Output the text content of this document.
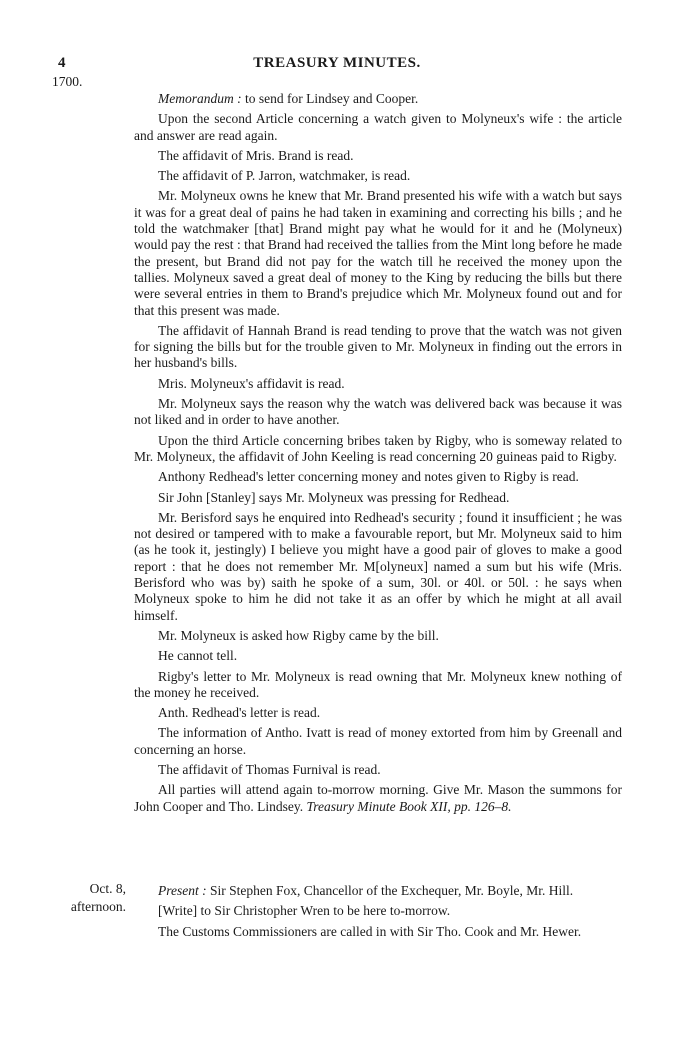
4	TREASURY MINUTES.
1700.

Memorandum : to send for Lindsey and Cooper.

Upon the second Article concerning a watch given to Molyneux's wife : the article and answer are read again.

The affidavit of Mris. Brand is read.

The affidavit of P. Jarron, watchmaker, is read.

Mr. Molyneux owns he knew that Mr. Brand presented his wife with a watch but says it was for a great deal of pains he had taken in examining and correcting his bills ; and he told the watchmaker [that] Brand might pay what he would for it and he (Molyneux) would pay the rest : that Brand had received the tallies from the Mint long before he made the present, but Brand did not pay for the watch till he received the money upon the tallies. Molyneux saved a great deal of money to the King by reducing the bills but there were several entries in them to Brand's prejudice which Mr. Molyneux found out and for that this present was made.

The affidavit of Hannah Brand is read tending to prove that the watch was not given for signing the bills but for the trouble given to Mr. Molyneux in finding out the errors in her husband's bills.

Mris. Molyneux's affidavit is read.

Mr. Molyneux says the reason why the watch was delivered back was because it was not liked and in order to have another.

Upon the third Article concerning bribes taken by Rigby, who is someway related to Mr. Molyneux, the affidavit of John Keeling is read concerning 20 guineas paid to Rigby.

Anthony Redhead's letter concerning money and notes given to Rigby is read.

Sir John [Stanley] says Mr. Molyneux was pressing for Redhead.

Mr. Berisford says he enquired into Redhead's security ; found it insufficient ; he was not desired or tampered with to make a favourable report, but Mr. Molyneux said to him (as he took it, jestingly) I believe you might have a good pair of gloves to make a good report : that he does not remember Mr. M[olyneux] named a sum but his wife (Mris. Berisford who was by) saith he spoke of a sum, 30l. or 40l. or 50l. : he says when Molyneux spoke to him he did not take it as an offer by which he might at all avail himself.

Mr. Molyneux is asked how Rigby came by the bill.

He cannot tell.

Rigby's letter to Mr. Molyneux is read owning that Mr. Molyneux knew nothing of the money he received.

Anth. Redhead's letter is read.

The information of Antho. Ivatt is read of money extorted from him by Greenall and concerning an horse.

The affidavit of Thomas Furnival is read.

All parties will attend again to-morrow morning. Give Mr. Mason the summons for John Cooper and Tho. Lindsey. Treasury Minute Book XII, pp. 126–8.

Oct. 8,
afternoon.

Present : Sir Stephen Fox, Chancellor of the Exchequer, Mr. Boyle, Mr. Hill.

[Write] to Sir Christopher Wren to be here to-morrow.

The Customs Commissioners are called in with Sir Tho. Cook and Mr. Hewer.
